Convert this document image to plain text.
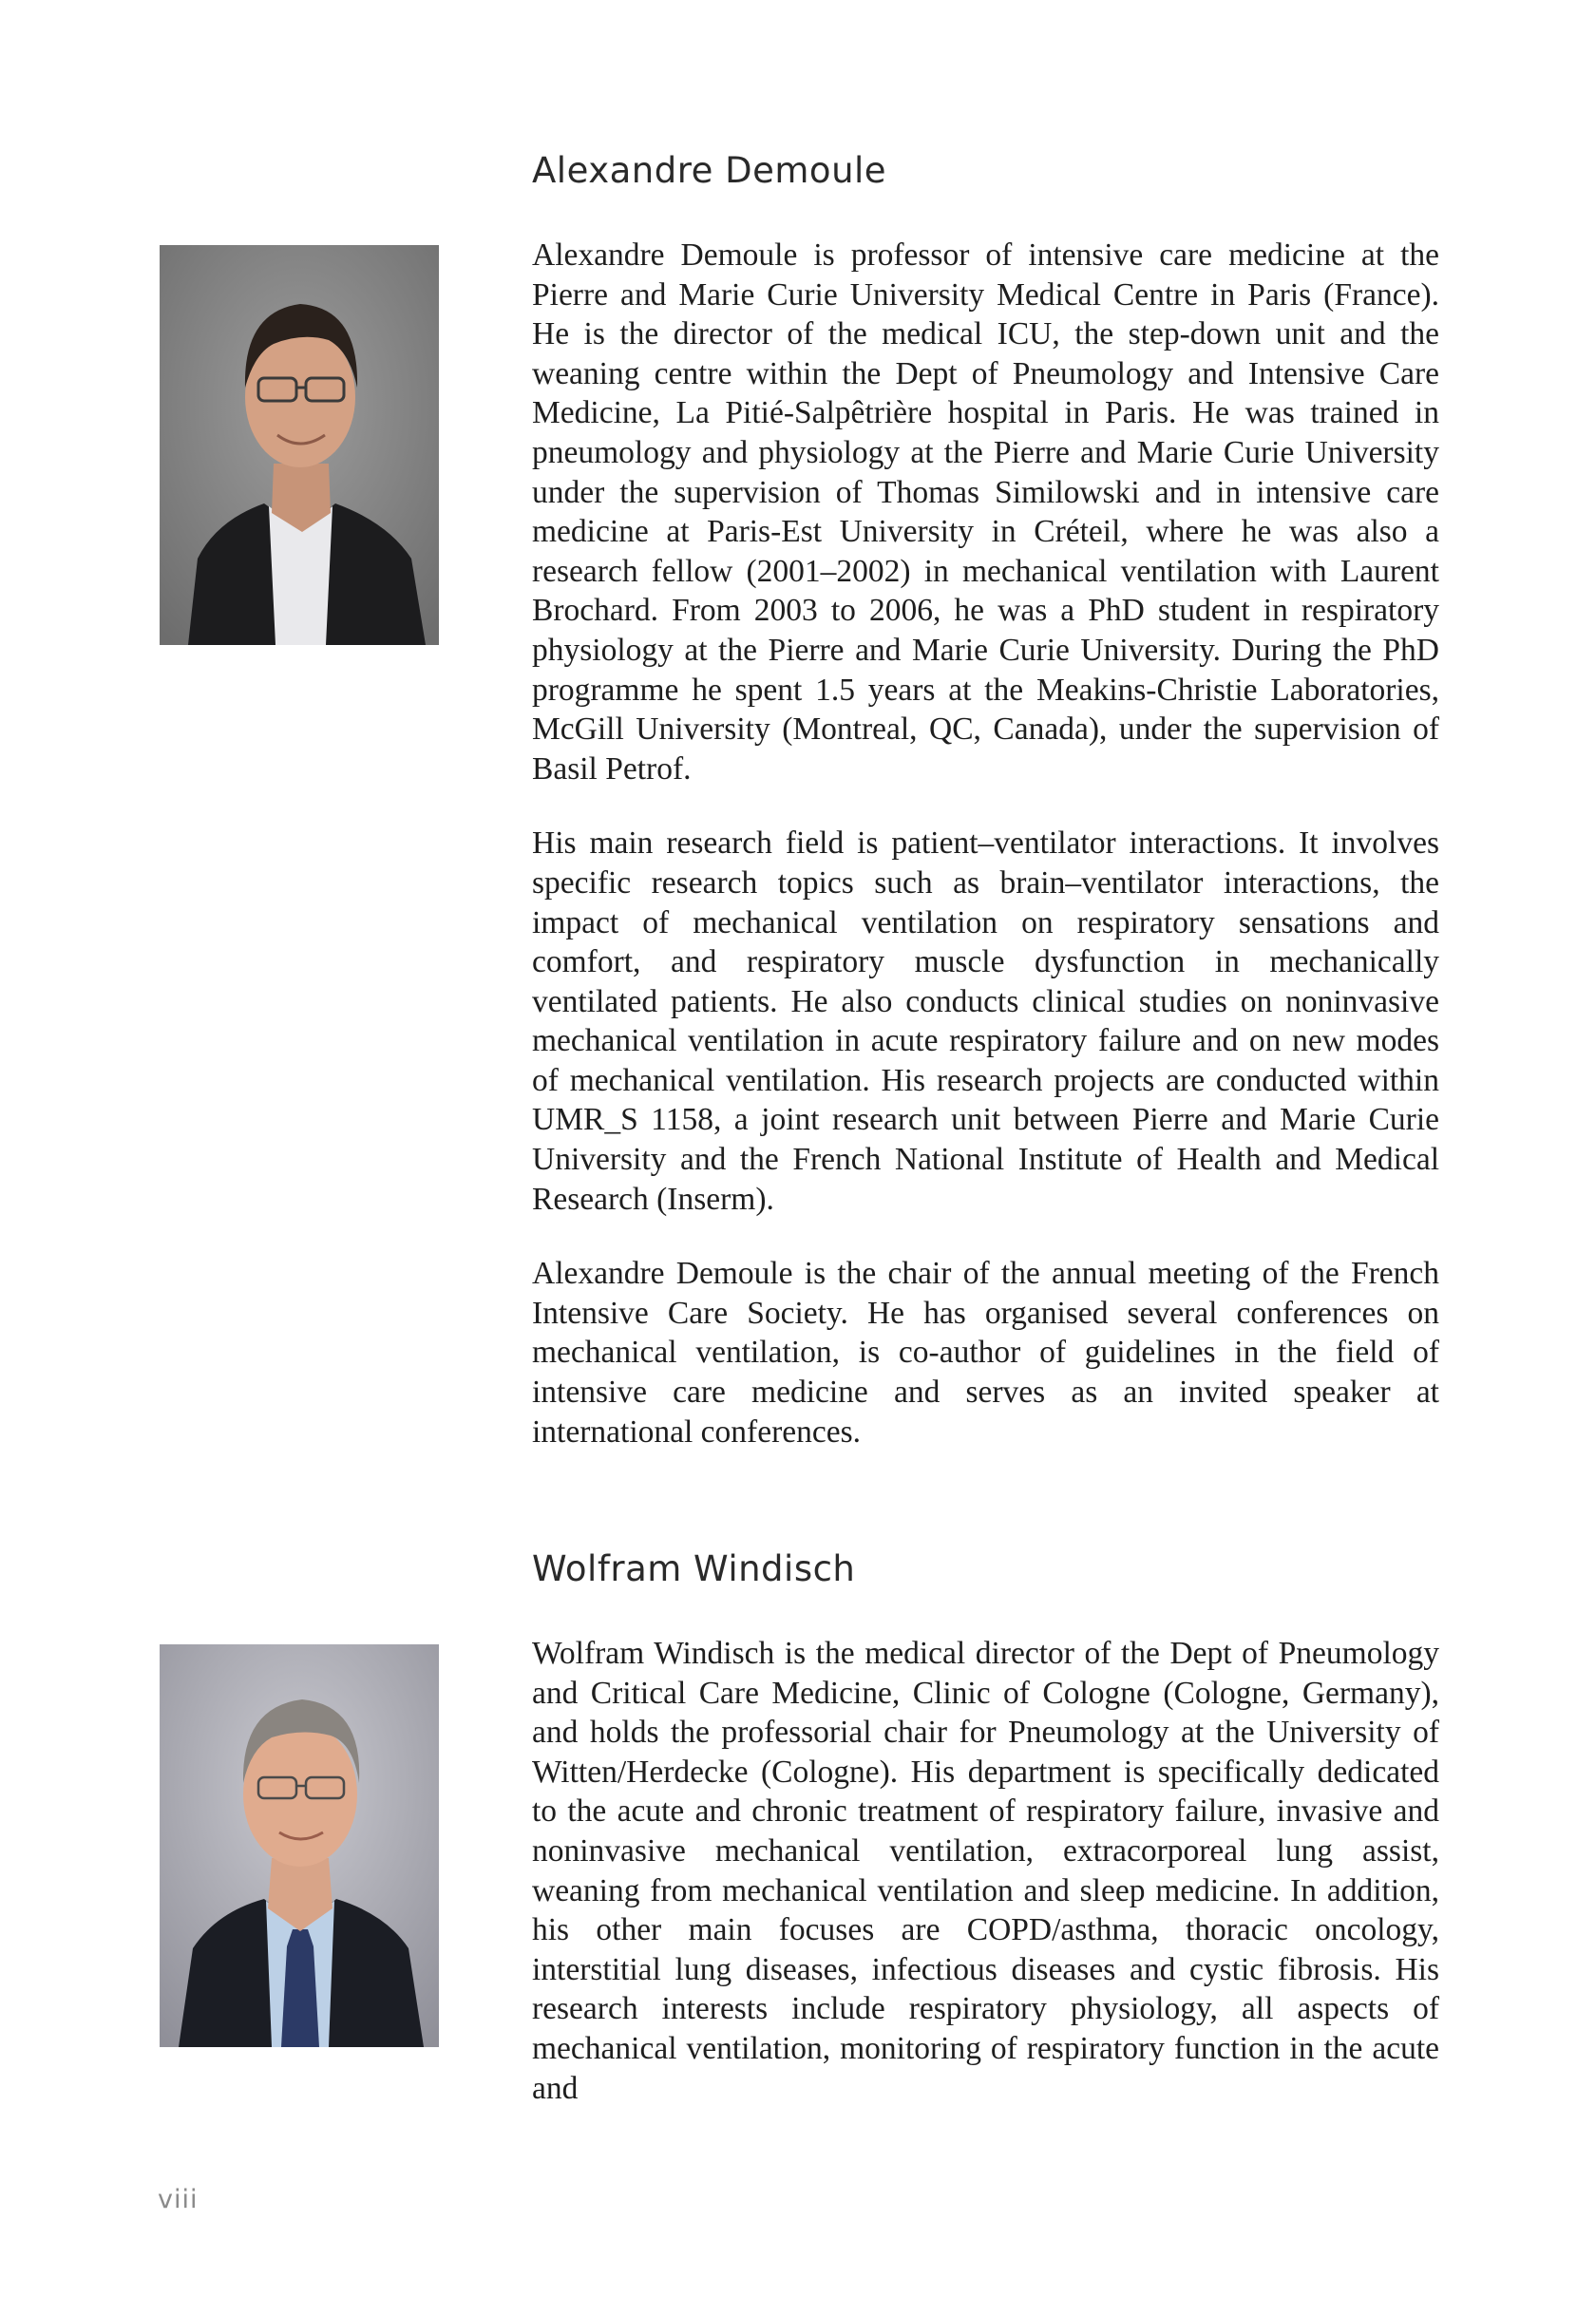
Alexandre Demoule

Alexandre Demoule is professor of intensive care medicine at the Pierre and Marie Curie University Medical Centre in Paris (France). He is the director of the medical ICU, the step-down unit and the weaning centre within the Dept of Pneumology and Intensive Care Medicine, La Pitié-Salpêtrière hospital in Paris. He was trained in pneumology and physiology at the Pierre and Marie Curie University under the supervision of Thomas Similowski and in intensive care medicine at Paris-Est University in Créteil, where he was also a research fellow (2001–2002) in mechanical ventilation with Laurent Brochard. From 2003 to 2006, he was a PhD student in respiratory physiology at the Pierre and Marie Curie University. During the PhD programme he spent 1.5 years at the Meakins-Christie Laboratories, McGill University (Montreal, QC, Canada), under the supervision of Basil Petrof.

His main research field is patient–ventilator interactions. It involves specific research topics such as brain–ventilator interactions, the impact of mechanical ventilation on respiratory sensations and comfort, and respiratory muscle dysfunction in mechanically ventilated patients. He also conducts clinical studies on noninvasive mechanical ventilation in acute respiratory failure and on new modes of mechanical ventilation. His research projects are conducted within UMR_S 1158, a joint research unit between Pierre and Marie Curie University and the French National Institute of Health and Medical Research (Inserm).

Alexandre Demoule is the chair of the annual meeting of the French Intensive Care Society. He has organised several conferences on mechanical ventilation, is co-author of guidelines in the field of intensive care medicine and serves as an invited speaker at international conferences.

Wolfram Windisch

Wolfram Windisch is the medical director of the Dept of Pneumology and Critical Care Medicine, Clinic of Cologne (Cologne, Germany), and holds the professorial chair for Pneumology at the University of Witten/Herdecke (Cologne). His department is specifically dedicated to the acute and chronic treatment of respiratory failure, invasive and noninvasive mechanical ventilation, extracorporeal lung assist, weaning from mechanical ventilation and sleep medicine. In addition, his other main focuses are COPD/asthma, thoracic oncology, interstitial lung diseases, infectious diseases and cystic fibrosis. His research interests include respiratory physiology, all aspects of mechanical ventilation, monitoring of respiratory function in the acute and

viii
